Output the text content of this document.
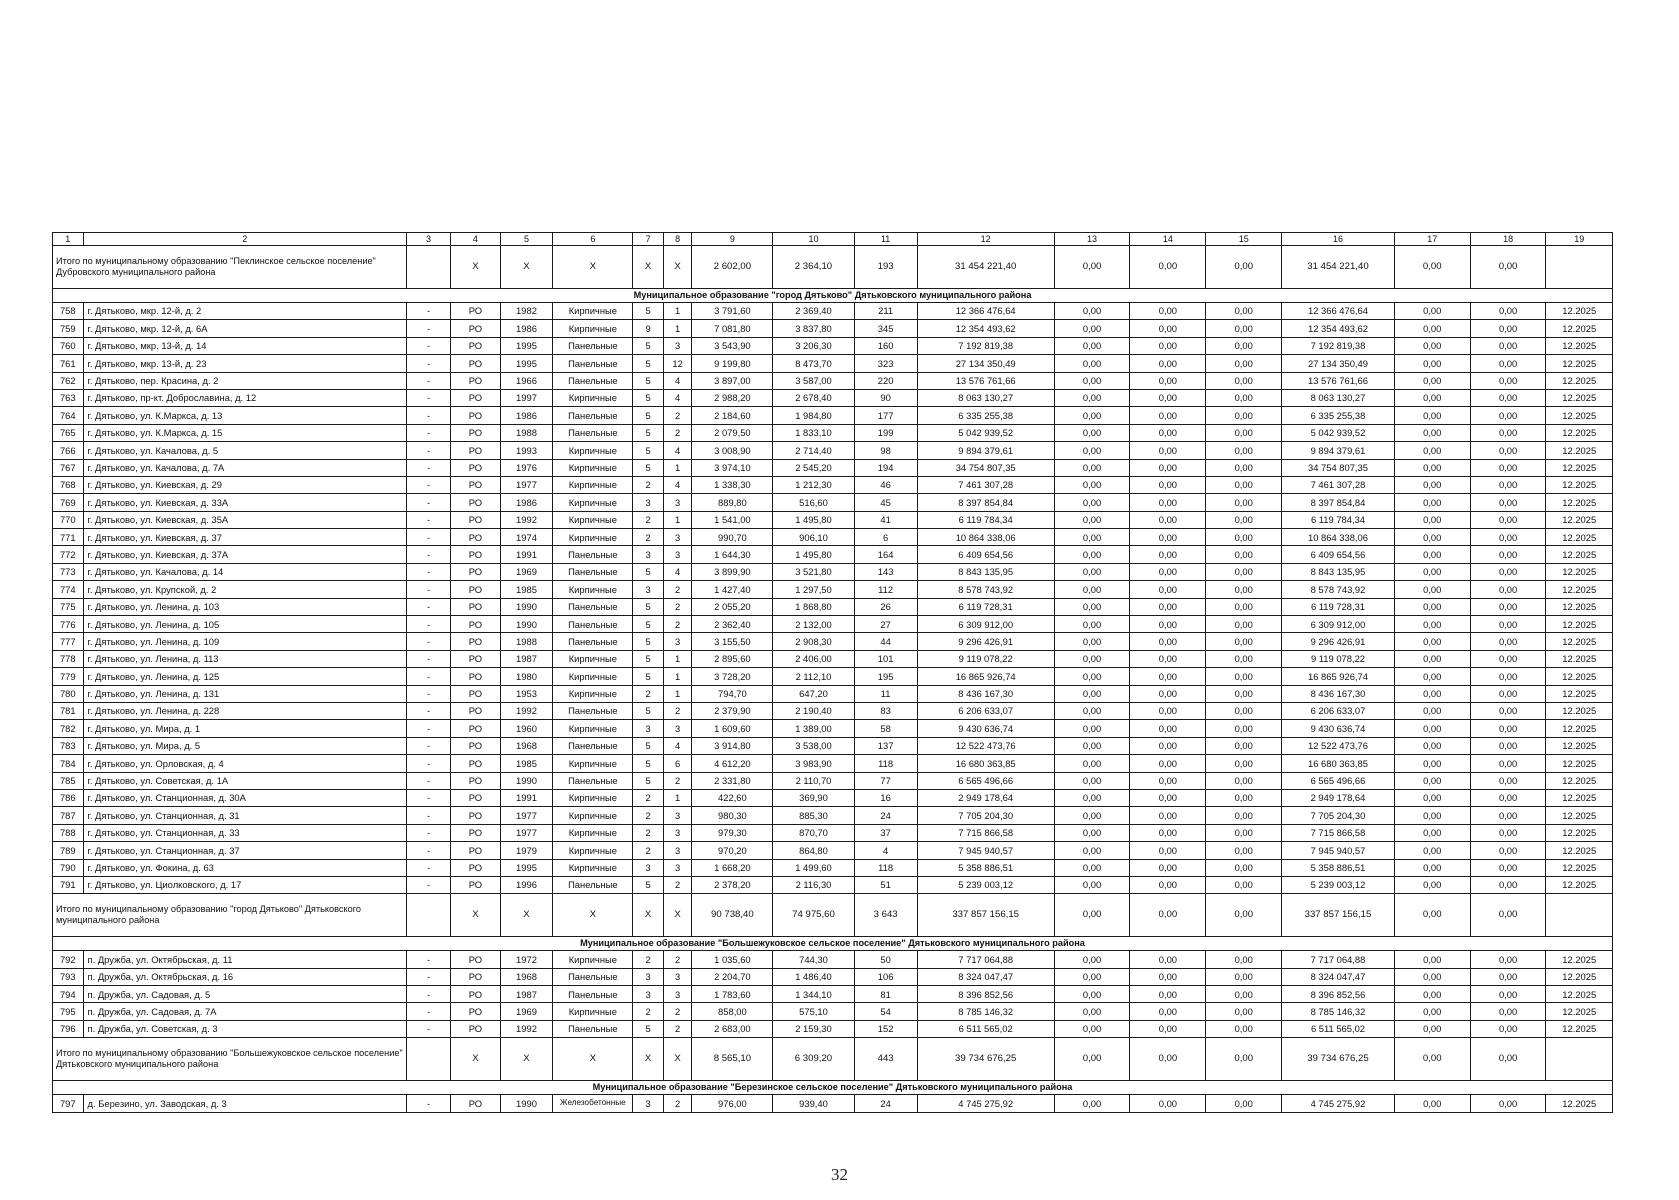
1	2	3	4	5	6	7	8	9	10	11	12	13	14	15	16	17	18	19
Итого по муниципальному образованию "Пеклинское сельское поселение" Дубровского муниципального района			X	X	X	X	X	2 602,00	2 364,10	193	31 454 221,40	0,00	0,00	0,00	31 454 221,40	0,00	0,00	
Муниципальное образование "город Дятьково" Дятьковского муниципального района																		
758	г. Дятьково, мкр. 12-й, д. 2	-	РО	1982	Кирпичные	5	1	3 791,60	2 369,40	211	12 366 476,64	0,00	0,00	0,00	12 366 476,64	0,00	0,00	12.2025
759	г. Дятьково, мкр. 12-й, д. 6А	-	РО	1986	Кирпичные	9	1	7 081,80	3 837,80	345	12 354 493,62	0,00	0,00	0,00	12 354 493,62	0,00	0,00	12.2025
760	г. Дятьково, мкр. 13-й, д. 14	-	РО	1995	Панельные	5	3	3 543,90	3 206,30	160	7 192 819,38	0,00	0,00	0,00	7 192 819,38	0,00	0,00	12.2025
761	г. Дятьково, мкр. 13-й, д. 23	-	РО	1995	Панельные	5	12	9 199,80	8 473,70	323	27 134 350,49	0,00	0,00	0,00	27 134 350,49	0,00	0,00	12.2025
762	г. Дятьково, пер. Красина, д. 2	-	РО	1966	Панельные	5	4	3 897,00	3 587,00	220	13 576 761,66	0,00	0,00	0,00	13 576 761,66	0,00	0,00	12.2025
763	г. Дятьково, пр-кт. Доброславина, д. 12	-	РО	1997	Кирпичные	5	4	2 988,20	2 678,40	90	8 063 130,27	0,00	0,00	0,00	8 063 130,27	0,00	0,00	12.2025
764	г. Дятьково, ул. К.Маркса, д. 13	-	РО	1986	Панельные	5	2	2 184,60	1 984,80	177	6 335 255,38	0,00	0,00	0,00	6 335 255,38	0,00	0,00	12.2025
765	г. Дятьково, ул. К.Маркса, д. 15	-	РО	1988	Панельные	5	2	2 079,50	1 833,10	199	5 042 939,52	0,00	0,00	0,00	5 042 939,52	0,00	0,00	12.2025
766	г. Дятьково, ул. Качалова, д. 5	-	РО	1993	Кирпичные	5	4	3 008,90	2 714,40	98	9 894 379,61	0,00	0,00	0,00	9 894 379,61	0,00	0,00	12.2025
767	г. Дятьково, ул. Качалова, д. 7А	-	РО	1976	Кирпичные	5	1	3 974,10	2 545,20	194	34 754 807,35	0,00	0,00	0,00	34 754 807,35	0,00	0,00	12.2025
768	г. Дятьково, ул. Киевская, д. 29	-	РО	1977	Кирпичные	2	4	1 338,30	1 212,30	46	7 461 307,28	0,00	0,00	0,00	7 461 307,28	0,00	0,00	12.2025
769	г. Дятьково, ул. Киевская, д. 33А	-	РО	1986	Кирпичные	3	3	889,80	516,60	45	8 397 854,84	0,00	0,00	0,00	8 397 854,84	0,00	0,00	12.2025
770	г. Дятьково, ул. Киевская, д. 35А	-	РО	1992	Кирпичные	2	1	1 541,00	1 495,80	41	6 119 784,34	0,00	0,00	0,00	6 119 784,34	0,00	0,00	12.2025
771	г. Дятьково, ул. Киевская, д. 37	-	РО	1974	Кирпичные	2	3	990,70	906,10	6	10 864 338,06	0,00	0,00	0,00	10 864 338,06	0,00	0,00	12.2025
772	г. Дятьково, ул. Киевская, д. 37А	-	РО	1991	Панельные	3	3	1 644,30	1 495,80	164	6 409 654,56	0,00	0,00	0,00	6 409 654,56	0,00	0,00	12.2025
773	г. Дятьково, ул. Качалова, д. 14	-	РО	1969	Панельные	5	4	3 899,90	3 521,80	143	8 843 135,95	0,00	0,00	0,00	8 843 135,95	0,00	0,00	12.2025
774	г. Дятьково, ул. Крупской, д. 2	-	РО	1985	Кирпичные	3	2	1 427,40	1 297,50	112	8 578 743,92	0,00	0,00	0,00	8 578 743,92	0,00	0,00	12.2025
775	г. Дятьково, ул. Ленина, д. 103	-	РО	1990	Панельные	5	2	2 055,20	1 868,80	26	6 119 728,31	0,00	0,00	0,00	6 119 728,31	0,00	0,00	12.2025
776	г. Дятьково, ул. Ленина, д. 105	-	РО	1990	Панельные	5	2	2 362,40	2 132,00	27	6 309 912,00	0,00	0,00	0,00	6 309 912,00	0,00	0,00	12.2025
777	г. Дятьково, ул. Ленина, д. 109	-	РО	1988	Панельные	5	3	3 155,50	2 908,30	44	9 296 426,91	0,00	0,00	0,00	9 296 426,91	0,00	0,00	12.2025
778	г. Дятьково, ул. Ленина, д. 113	-	РО	1987	Кирпичные	5	1	2 895,60	2 406,00	101	9 119 078,22	0,00	0,00	0,00	9 119 078,22	0,00	0,00	12.2025
779	г. Дятьково, ул. Ленина, д. 125	-	РО	1980	Кирпичные	5	1	3 728,20	2 112,10	195	16 865 926,74	0,00	0,00	0,00	16 865 926,74	0,00	0,00	12.2025
780	г. Дятьково, ул. Ленина, д. 131	-	РО	1953	Кирпичные	2	1	794,70	647,20	11	8 436 167,30	0,00	0,00	0,00	8 436 167,30	0,00	0,00	12.2025
781	г. Дятьково, ул. Ленина, д. 228	-	РО	1992	Панельные	5	2	2 379,90	2 190,40	83	6 206 633,07	0,00	0,00	0,00	6 206 633,07	0,00	0,00	12.2025
782	г. Дятьково, ул. Мира, д. 1	-	РО	1960	Кирпичные	3	3	1 609,60	1 389,00	58	9 430 636,74	0,00	0,00	0,00	9 430 636,74	0,00	0,00	12.2025
783	г. Дятьково, ул. Мира, д. 5	-	РО	1968	Панельные	5	4	3 914,80	3 538,00	137	12 522 473,76	0,00	0,00	0,00	12 522 473,76	0,00	0,00	12.2025
784	г. Дятьково, ул. Орловская, д. 4	-	РО	1985	Кирпичные	5	6	4 612,20	3 983,90	118	16 680 363,85	0,00	0,00	0,00	16 680 363,85	0,00	0,00	12.2025
785	г. Дятьково, ул. Советская, д. 1А	-	РО	1990	Панельные	5	2	2 331,80	2 110,70	77	6 565 496,66	0,00	0,00	0,00	6 565 496,66	0,00	0,00	12.2025
786	г. Дятьково, ул. Станционная, д. 30А	-	РО	1991	Кирпичные	2	1	422,60	369,90	16	2 949 178,64	0,00	0,00	0,00	2 949 178,64	0,00	0,00	12.2025
787	г. Дятьково, ул. Станционная, д. 31	-	РО	1977	Кирпичные	2	3	980,30	885,30	24	7 705 204,30	0,00	0,00	0,00	7 705 204,30	0,00	0,00	12.2025
788	г. Дятьково, ул. Станционная, д. 33	-	РО	1977	Кирпичные	2	3	979,30	870,70	37	7 715 866,58	0,00	0,00	0,00	7 715 866,58	0,00	0,00	12.2025
789	г. Дятьково, ул. Станционная, д. 37	-	РО	1979	Кирпичные	2	3	970,20	864,80	4	7 945 940,57	0,00	0,00	0,00	7 945 940,57	0,00	0,00	12.2025
790	г. Дятьково, ул. Фокина, д. 63	-	РО	1995	Кирпичные	3	3	1 668,20	1 499,60	118	5 358 886,51	0,00	0,00	0,00	5 358 886,51	0,00	0,00	12.2025
791	г. Дятьково, ул. Циолковского, д. 17	-	РО	1996	Панельные	5	2	2 378,20	2 116,30	51	5 239 003,12	0,00	0,00	0,00	5 239 003,12	0,00	0,00	12.2025
Итого по муниципальному образованию "город Дятьково" Дятьковского муниципального района			X	X	X	X	X	90 738,40	74 975,60	3 643	337 857 156,15	0,00	0,00	0,00	337 857 156,15	0,00	0,00	
Муниципальное образование "Большежуковское сельское поселение" Дятьковского муниципального района																		
792	п. Дружба, ул. Октябрьская, д. 11	-	РО	1972	Кирпичные	2	2	1 035,60	744,30	50	7 717 064,88	0,00	0,00	0,00	7 717 064,88	0,00	0,00	12.2025
793	п. Дружба, ул. Октябрьская, д. 16	-	РО	1968	Панельные	3	3	2 204,70	1 486,40	106	8 324 047,47	0,00	0,00	0,00	8 324 047,47	0,00	0,00	12.2025
794	п. Дружба, ул. Садовая, д. 5	-	РО	1987	Панельные	3	3	1 783,60	1 344,10	81	8 396 852,56	0,00	0,00	0,00	8 396 852,56	0,00	0,00	12.2025
795	п. Дружба, ул. Садовая, д. 7А	-	РО	1969	Кирпичные	2	2	858,00	575,10	54	8 785 146,32	0,00	0,00	0,00	8 785 146,32	0,00	0,00	12.2025
796	п. Дружба, ул. Советская, д. 3	-	РО	1992	Панельные	5	2	2 683,00	2 159,30	152	6 511 565,02	0,00	0,00	0,00	6 511 565,02	0,00	0,00	12.2025
Итого по муниципальному образованию "Большежуковское сельское поселение" Дятьковского муниципального района			X	X	X	X	X	8 565,10	6 309,20	443	39 734 676,25	0,00	0,00	0,00	39 734 676,25	0,00	0,00	
Муниципальное образование "Березинское сельское поселение" Дятьковского муниципального района																		
797	д. Березино, ул. Заводская, д. 3	-	РО	1990	Железобетонные	3	2	976,00	939,40	24	4 745 275,92	0,00	0,00	0,00	4 745 275,92	0,00	0,00	12.2025
32
